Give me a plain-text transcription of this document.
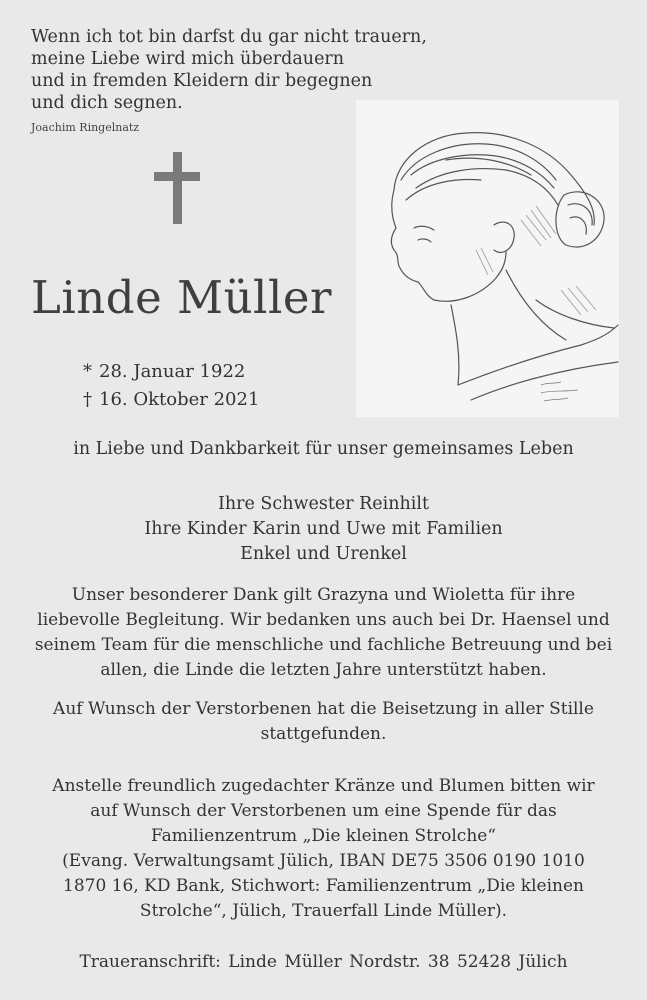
Wenn ich tot bin darfst du gar nicht trauern,
meine Liebe wird mich überdauern
und in fremden Kleidern dir begegnen
und dich segnen.
Joachim Ringelnatz
Linde Müller
* 28. Januar 1922
† 16. Oktober 2021
in Liebe und Dankbarkeit für unser gemeinsames Leben
Ihre Schwester Reinhilt
Ihre Kinder Karin und Uwe mit Familien
Enkel und Urenkel
Unser besonderer Dank gilt Grazyna und Wioletta für ihre
liebevolle Begleitung. Wir bedanken uns auch bei Dr. Haensel und
seinem Team für die menschliche und fachliche Betreuung und bei
allen, die Linde die letzten Jahre unterstützt haben.
Auf Wunsch der Verstorbenen hat die Beisetzung in aller Stille
stattgefunden.
Anstelle freundlich zugedachter Kränze und Blumen bitten wir
auf Wunsch der Verstorbenen um eine Spende für das
Familienzentrum „Die kleinen Strolche“
(Evang. Verwaltungsamt Jülich, IBAN DE75 3506 0190 1010
1870 16, KD Bank, Stichwort: Familienzentrum „Die kleinen
Strolche“, Jülich, Trauerfall Linde Müller).
Traueranschrift: Linde Müller Nordstr. 38 52428 Jülich
